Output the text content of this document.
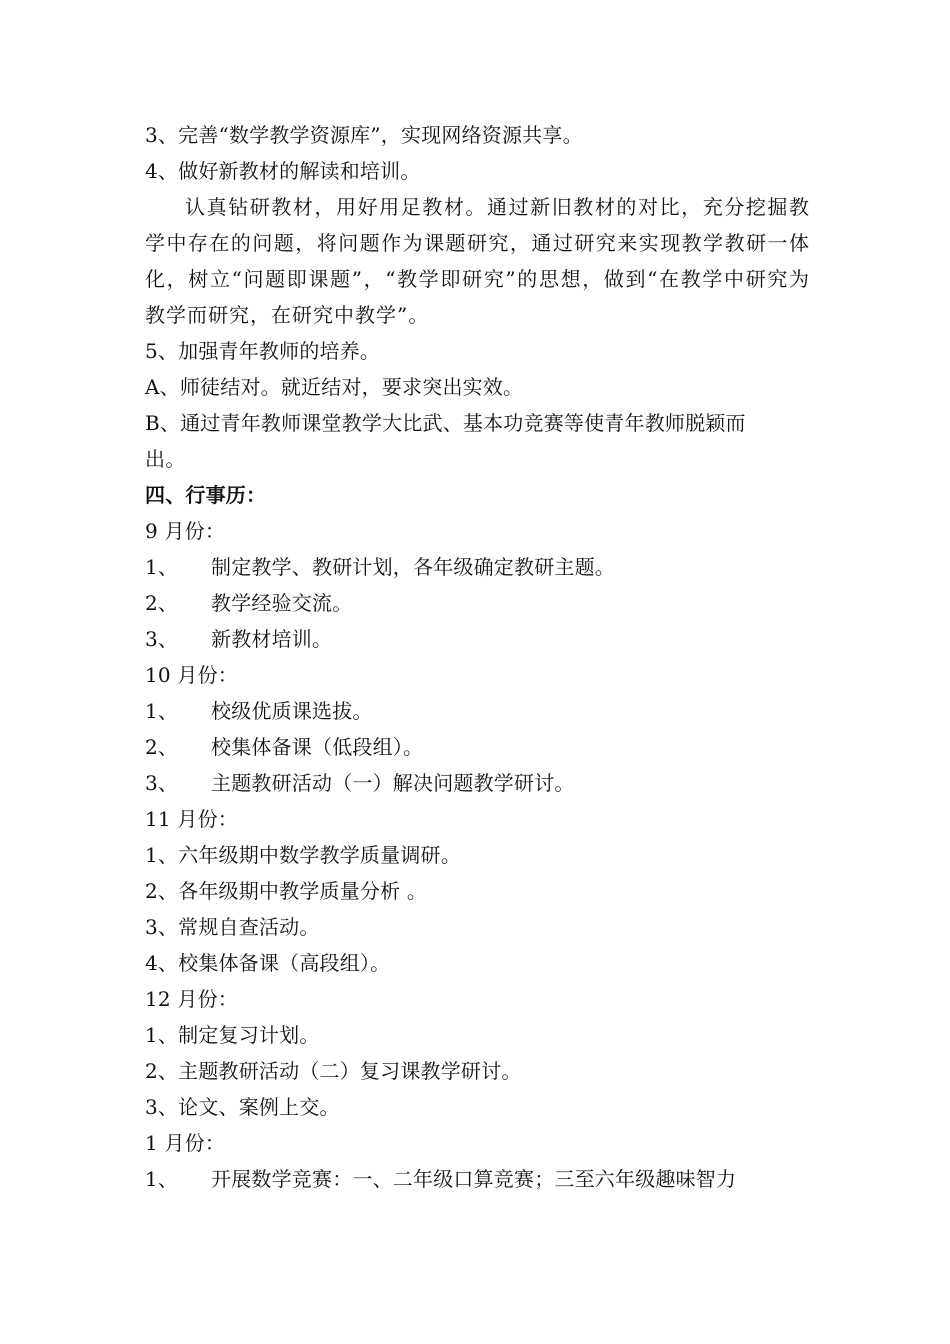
3、完善“数学教学资源库”，实现网络资源共享。
4、做好新教材的解读和培训。
认真钻研教材，用好用足教材。通过新旧教材的对比，充分挖掘教学中存在的问题，将问题作为课题研究，通过研究来实现教学教研一体化，树立“问题即课题”，“教学即研究”的思想，做到“在教学中研究为教学而研究，在研究中教学”。
5、加强青年教师的培养。
A、师徒结对。就近结对，要求突出实效。
B、通过青年教师课堂教学大比武、基本功竞赛等使青年教师脱颖而
出。
四、行事历：
9 月份：
1、 制定教学、教研计划，各年级确定教研主题。
2、 教学经验交流。
3、 新教材培训。
10 月份：
1、 校级优质课选拔。
2、 校集体备课（低段组）。
3、 主题教研活动（一）解决问题教学研讨。
11 月份：
1、六年级期中数学教学质量调研。
2、各年级期中教学质量分析 。
3、常规自查活动。
4、校集体备课（高段组）。
12 月份：
1、制定复习计划。
2、主题教研活动（二）复习课教学研讨。
3、论文、案例上交。
1 月份：
1、 开展数学竞赛：一、二年级口算竞赛；三至六年级趣味智力
